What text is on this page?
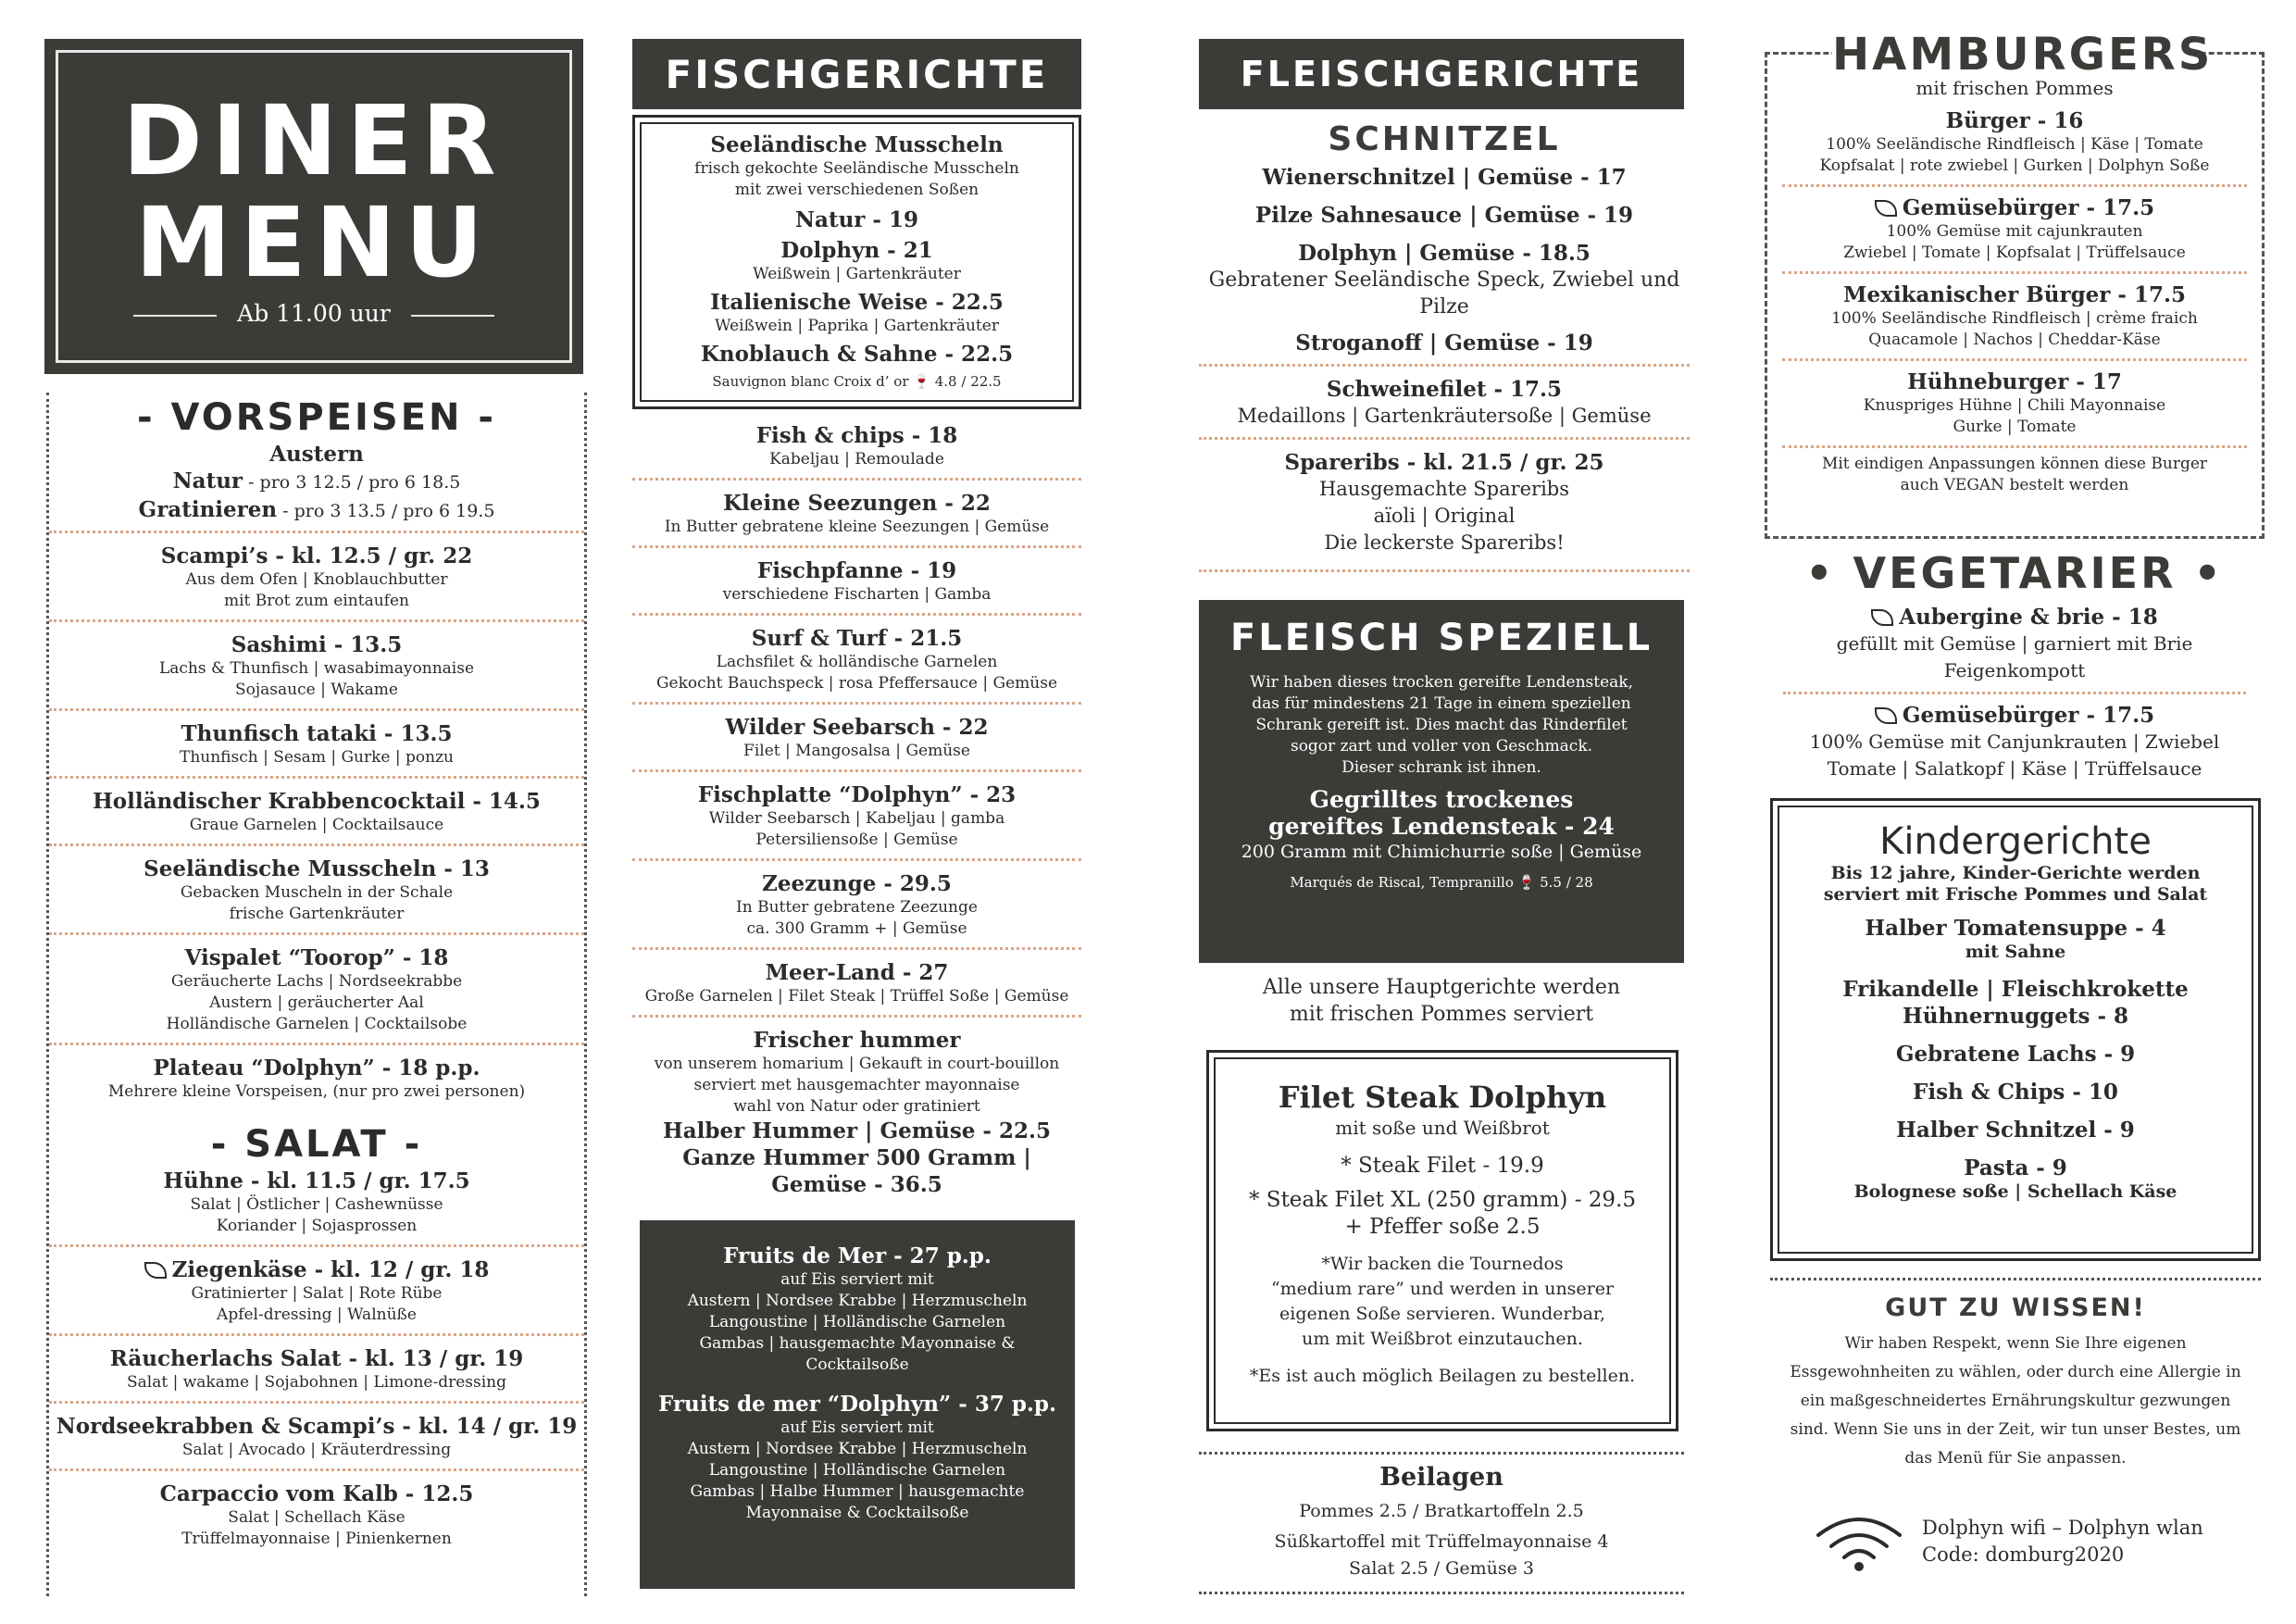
DINER
MENU
Ab 11.00 uur
- VORSPEISEN -
Austern
Natur - pro 3 12.5 / pro 6 18.5
Gratinieren - pro 3 13.5 / pro 6 19.5
Scampi’s - kl. 12.5 / gr. 22
Aus dem Ofen | Knoblauchbutter
mit Brot zum eintaufen
Sashimi - 13.5
Lachs & Thunfisch | wasabimayonnaise
Sojasauce | Wakame
Thunfisch tataki - 13.5
Thunfisch | Sesam | Gurke | ponzu
Holländischer Krabbencocktail - 14.5
Graue Garnelen | Cocktailsauce
Seeländische Musscheln - 13
Gebacken Muscheln in der Schale
frische Gartenkräuter
Vispalet “Toorop” - 18
Geräucherte Lachs | Nordseekrabbe
Austern | geräucherter Aal
Holländische Garnelen | Cocktailsobe
Plateau “Dolphyn” - 18 p.p.
Mehrere kleine Vorspeisen, (nur pro zwei personen)
- SALAT -
Hühne - kl. 11.5 / gr. 17.5
Salat | Östlicher | Cashewnüsse
Koriander | Sojasprossen
Ziegenkäse - kl. 12 / gr. 18
Gratinierter | Salat | Rote Rübe
Apfel-dressing | Walnüße
Räucherlachs Salat - kl. 13 / gr. 19
Salat | wakame | Sojabohnen | Limone-dressing
Nordseekrabben & Scampi’s - kl. 14 / gr. 19
Salat | Avocado | Kräuterdressing
Carpaccio vom Kalb - 12.5
Salat | Schellach Käse
Trüffelmayonnaise | Pinienkernen
FISCHGERICHTE
Seeländische Musscheln
frisch gekochte Seeländische Musscheln
mit zwei verschiedenen Soßen
Natur - 19
Dolphyn - 21
Weißwein | Gartenkräuter
Italienische Weise - 22.5
Weißwein | Paprika | Gartenkräuter
Knoblauch & Sahne - 22.5
Sauvignon blanc Croix d’ or 🍷 4.8 / 22.5
Fish & chips - 18
Kabeljau | Remoulade
Kleine Seezungen - 22
In Butter gebratene kleine Seezungen | Gemüse
Fischpfanne - 19
verschiedene Fischarten | Gamba
Surf & Turf - 21.5
Lachsfilet & holländische Garnelen
Gekocht Bauchspeck | rosa Pfeffersauce | Gemüse
Wilder Seebarsch - 22
Filet | Mangosalsa | Gemüse
Fischplatte “Dolphyn” - 23
Wilder Seebarsch | Kabeljau | gamba
Petersiliensoße | Gemüse
Zeezunge - 29.5
In Butter gebratene Zeezunge
ca. 300 Gramm + | Gemüse
Meer-Land - 27
Große Garnelen | Filet Steak | Trüffel Soße | Gemüse
Frischer hummer
von unserem homarium | Gekauft in court-bouillon
serviert met hausgemachter mayonnaise
wahl von Natur oder gratiniert
Halber Hummer | Gemüse - 22.5
Ganze Hummer 500 Gramm | Gemüse - 36.5
Fruits de Mer - 27 p.p.
auf Eis serviert mit
Austern | Nordsee Krabbe | Herzmuscheln
Langoustine | Holländische Garnelen
Gambas | hausgemachte Mayonnaise &
Cocktailsoße
Fruits de mer “Dolphyn” - 37 p.p.
auf Eis serviert mit
Austern | Nordsee Krabbe | Herzmuscheln
Langoustine | Holländische Garnelen
Gambas | Halbe Hummer | hausgemachte
Mayonnaise & Cocktailsoße
FLEISCHGERICHTE
SCHNITZEL
Wienerschnitzel | Gemüse - 17
Pilze Sahnesauce | Gemüse - 19
Dolphyn | Gemüse - 18.5
Gebratener Seeländische Speck, Zwiebel und Pilze
Stroganoff | Gemüse - 19
Schweinefilet - 17.5
Medaillons | Gartenkräutersoße | Gemüse
Spareribs - kl. 21.5 / gr. 25
Hausgemachte Spareribs
aïoli | Original
Die leckerste Spareribs!
FLEISCH SPEZIELL
Wir haben dieses trocken gereifte Lendensteak,
das für mindestens 21 Tage in einem speziellen
Schrank gereift ist. Dies macht das Rinderfilet
sogor zart und voller von Geschmack.
Dieser schrank ist ihnen.
Gegrilltes trockenes
gereiftes Lendensteak - 24
200 Gramm mit Chimichurrie soße | Gemüse
Marqués de Riscal, Tempranillo 🍷 5.5 / 28
Alle unsere Hauptgerichte werden
mit frischen Pommes serviert
Filet Steak Dolphyn
mit soße und Weißbrot
* Steak Filet - 19.9
* Steak Filet XL (250 gramm) - 29.5
+ Pfeffer soße 2.5
*Wir backen die Tournedos
“medium rare” und werden in unserer
eigenen Soße servieren. Wunderbar,
um mit Weißbrot einzutauchen.
*Es ist auch möglich Beilagen zu bestellen.
Beilagen
Pommes 2.5 / Bratkartoffeln 2.5
Süßkartoffel mit Trüffelmayonnaise 4
Salat 2.5 / Gemüse 3
HAMBURGERS
mit frischen Pommes
Bürger - 16
100% Seeländische Rindfleisch | Käse | Tomate
Kopfsalat | rote zwiebel | Gurken | Dolphyn Soße
Gemüsebürger - 17.5
100% Gemüse mit cajunkrauten
Zwiebel | Tomate | Kopfsalat | Trüffelsauce
Mexikanischer Bürger - 17.5
100% Seeländische Rindfleisch | crème fraich
Quacamole | Nachos | Cheddar-Käse
Hühneburger - 17
Knuspriges Hühne | Chili Mayonnaise
Gurke | Tomate
Mit eindigen Anpassungen können diese Burger
auch VEGAN bestelt werden
• VEGETARIER •
Aubergine & brie - 18
gefüllt mit Gemüse | garniert mit Brie
Feigenkompott
Gemüsebürger - 17.5
100% Gemüse mit Canjunkrauten | Zwiebel
Tomate | Salatkopf | Käse | Trüffelsauce
Kindergerichte
Bis 12 jahre, Kinder-Gerichte werden
serviert mit Frische Pommes und Salat
Halber Tomatensuppe - 4
mit Sahne
Frikandelle | Fleischkrokette
Hühnernuggets - 8
Gebratene Lachs - 9
Fish & Chips - 10
Halber Schnitzel - 9
Pasta - 9
Bolognese soße | Schellach Käse
GUT ZU WISSEN!
Wir haben Respekt, wenn Sie Ihre eigenen
Essgewohnheiten zu wählen, oder durch eine Allergie in
ein maßgeschneidertes Ernährungskultur gezwungen
sind. Wenn Sie uns in der Zeit, wir tun unser Bestes, um
das Menü für Sie anpassen.
Dolphyn wifi – Dolphyn wlan
Code: domburg2020
